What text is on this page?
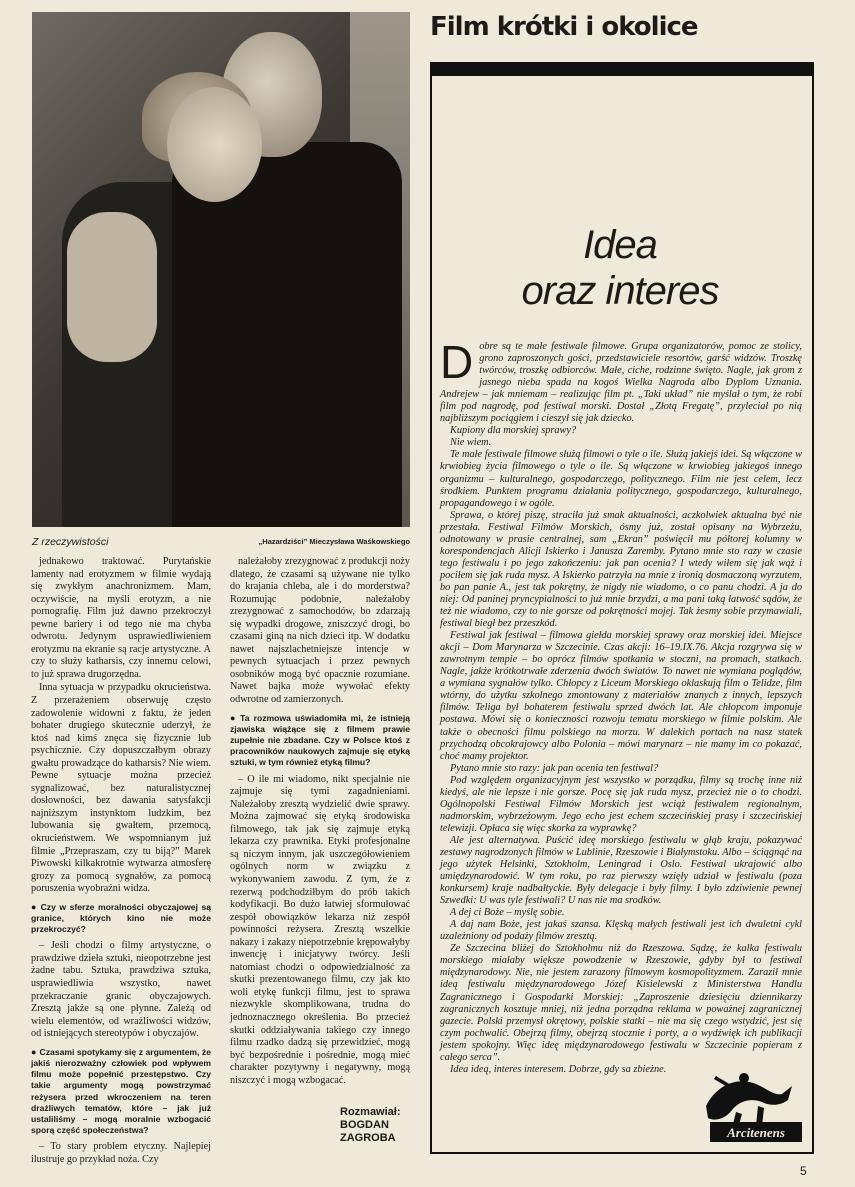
Z rzeczywistości	„Hazardziści” Mieczysława Waśkowskiego

jednakowo traktować. Purytańskie lamenty nad erotyzmem w filmie wydają się zwykłym anachronizmem. Mam, oczywiście, na myśli erotyzm, a nie pornografię. Film już dawno przekroczył pewne bariery i od tego nie ma chyba odwrotu. Jedynym usprawiedliwieniem erotyzmu na ekranie są racje artystyczne. A czy to służy katharsis, czy innemu celowi, to już sprawa drugorzędna.

Inna sytuacja w przypadku okrucieństwa. Z przerażeniem obserwuję często zadowolenie widowni z faktu, że jeden bohater drugiego skutecznie uderzył, że ktoś nad kimś znęca się fizycznie lub psychicznie. Czy dopuszczałbym obrazy gwałtu prowadzące do katharsis? Nie wiem. Pewne sytuacje można przecież sygnalizować, bez naturalistycznej dosłowności, bez dawania satysfakcji najniższym instynktom ludzkim, bez lubowania się gwałtem, przemocą, okrucieństwem. We wspomnianym już filmie „Przepraszam, czy tu biją?” Marek Piwowski kilkakrotnie wytwarza atmosferę grozy za pomocą sygnałów, za pomocą poruszenia wyobraźni widza.

● Czy w sferze moralności obyczajowej są granice, których kino nie może przekroczyć?

– Jeśli chodzi o filmy artystyczne, o prawdziwe dzieła sztuki, nieopotrzebne jest żadne tabu. Sztuka, prawdziwa sztuka, usprawiedliwia wszystko, nawet przekraczanie granic obyczajowych. Zresztą jakże są one płynne. Zależą od wielu elementów, od wrażliwości widzów, od istniejących stereotypów i obyczajów.

● Czasami spotykamy się z argumentem, że jakiś nierozważny człowiek pod wpływem filmu może popełnić przestępstwo. Czy takie argumenty mogą powstrzymać reżysera przed wkroczeniem na teren drażliwych tematów, które – jak już ustaliliśmy – mogą moralnie wzbogacić sporą część społeczeństwa?

– To stary problem etyczny. Najlepiej ilustruje go przykład noża. Czy

należałoby zrezygnować z produkcji noży dlatego, że czasami są używane nie tylko do krajania chleba, ale i do morderstwa? Rozumując podobnie, należałoby zrezygnować z samochodów, bo zdarzają się wypadki drogowe, zniszczyć drogi, bo czasami giną na nich dzieci itp. W dodatku nawet najszlachetniejsze intencje w pewnych sytuacjach i przez pewnych osobników mogą być opacznie rozumiane. Nawet bajka może wywołać efekty odwrotne od zamierzonych.

● Ta rozmowa uświadomiła mi, że istnieją zjawiska wiążące się z filmem prawie zupełnie nie zbadane. Czy w Polsce ktoś z pracowników naukowych zajmuje się etyką sztuki, w tym również etyką filmu?

– O ile mi wiadomo, nikt specjalnie nie zajmuje się tymi zagadnieniami. Należałoby zresztą wydzielić dwie sprawy. Można zajmować się etyką środowiska filmowego, tak jak się zajmuje etyką lekarza czy prawnika. Etyki profesjonalne są niczym innym, jak uszczegółowieniem ogólnych norm w związku z wykonywaniem zawodu. Z tym, że z rezerwą podchodziłbym do prób takich kodyfikacji. Bo dużo łatwiej sformułować zespół obowiązków lekarza niż zespół powinności reżysera. Zresztą wszelkie nakazy i zakazy niepotrzebnie krępowałyby inwencję i inicjatywy twórcy. Jeśli natomiast chodzi o odpowiedzialność za skutki prezentowanego filmu, czy jak kto woli etykę funkcji filmu, jest to sprawa niezwykle skomplikowana, trudna do jednoznacznego określenia. Bo przecież skutki oddziaływania takiego czy innego filmu rzadko dadzą się przewidzieć, mogą być bezpośrednie i pośrednie, mogą mieć charakter pozytywny i negatywny, mogą niszczyć i mogą wzbogacać.

Rozmawiał:
BOGDAN
ZAGROBA
Film krótki i okolice
Idea
oraz interes

Dobre są te małe festiwale filmowe. Grupa organizatorów, pomoc ze stolicy, grono zaproszonych gości, przedstawiciele resortów, garść widzów. Troszkę twórców, troszkę odbiorców. Małe, ciche, rodzinne święto. Nagle, jak grom z jasnego nieba spada na kogoś Wielka Nagroda albo Dyplom Uznania. Andrejew – jak mniemam – realizując film pt. „Taki układ” nie myślał o tym, że robi film pod nagrodę, pod festiwal morski. Dostał „Złotą Fregatę”, przyleciał po nią najbliższym pociągiem i cieszył się jak dziecko.

Kupiony dla morskiej sprawy?

Nie wiem.

Te małe festiwale filmowe służą filmowi o tyle o ile. Służą jakiejś idei. Są włączone w krwiobieg życia filmowego o tyle o ile. Są włączone w krwiobieg jakiegoś innego organizmu – kulturalnego, gospodarczego, politycznego. Film nie jest celem, lecz środkiem. Punktem programu działania politycznego, gospodarczego, kulturalnego, propagandowego i w ogóle.

Sprawa, o której piszę, straciła już smak aktualności, aczkolwiek aktualna być nie przestała. Festiwal Filmów Morskich, ósmy już, został opisany na Wybrzeżu, odnotowany w prasie centralnej, sam „Ekran” poświęcił mu półtorej kolumny w korespondencjach Alicji Iskierko i Janusza Zaremby. Pytano mnie sto razy w czasie tego festiwalu i po jego zakończeniu: jak pan ocenia? I wtedy wiłem się jak wąż i pociłem się jak ruda mysz. A Iskierko patrzyła na mnie z ironią dosmaczoną wyrzutem, bo pan panie A., jest tak pokrętny, że nigdy nie wiadomo, o co panu chodzi. A ja do niej: Od paninej pryncypialności to już mnie brzydzi, a ma pani taką łatwość sądów, że też nie wiadomo, czy to nie gorsze od pokrętności mojej. Tak żesmy sobie przymawiali, festiwal biegł bez przeszkód.

Festiwal jak festiwal – filmowa giełda morskiej sprawy oraz morskiej idei. Miejsce akcji – Dom Marynarza w Szczecinie. Czas akcji: 16–19.IX.76. Akcja rozgrywa się w zawrotnym tempie – bo oprócz filmów spotkania w stoczni, na promach, statkach. Nagle, jakże krótkotrwałe zderzenia dwóch światów. To nawet nie wymiana poglądów, a wymiana sygnałów tylko. Chłopcy z Liceum Morskiego oklaskują film o Telidze, film wtórny, do użytku szkolnego zmontowany z materiałów znanych z innych, lepszych filmów. Teliga był bohaterem festiwalu sprzed dwóch lat. Ale chłopcom imponuje postawa. Mówi się o konieczności rozwoju tematu morskiego w filmie polskim. Ale także o obecności filmu polskiego na morzu. W dalekich portach na nasz statek przychodzą obcokrajowcy albo Polonia – mówi marynarz – nie mamy im co pokazać, choć mamy projektor.

Pytano mnie sto razy: jak pan ocenia ten festiwal?

Pod względem organizacyjnym jest wszystko w porządku, filmy są trochę inne niż kiedyś, ale nie lepsze i nie gorsze. Pocę się jak ruda mysz, przecież nie o to chodzi. Ogólnopolski Festiwal Filmów Morskich jest wciąż festiwalem regionalnym, nadmorskim, wybrzeżowym. Jego echo jest echem szczecińskiej prasy i szczecińskiej telewizji. Opłaca się więc skorka za wyprawkę?

Ale jest alternatywa. Puścić ideę morskiego festiwalu w głąb kraju, pokazywać zestawy nagrodzonych filmów w Lublinie, Rzeszowie i Białymstoku. Albo – ściągnąć na jego użytek Helsinki, Sztokholm, Leningrad i Oslo. Festiwal ukrajowić albo umiędzynarodowić. W tym roku, po raz pierwszy wzięły udział w festiwalu (poza konkursem) kraje nadbałtyckie. Były delegacje i były filmy. I było zdziwienie pewnej Szwedki: U was tyle festiwali? U nas nie ma srodków.

A dej ci Boże – myślę sobie.

A daj nam Boże, jest jakaś szansa. Klęską małych festiwali jest ich dwuletni cykl uzależniony od podaży filmów zresztą.

Ze Szczecina bliżej do Sztokholmu niż do Rzeszowa. Sądzę, że kalka festiwalu morskiego miałaby większe powodzenie w Rzeszowie, gdyby był to festiwal międzynarodowy. Nie, nie jestem zarazony filmowym kosmopolityzmem. Zaraził mnie ideą festiwalu międzynarodowego Józef Kisielewski z Ministerstwa Handlu Zagranicznego i Gospodarki Morskiej: „Zaproszenie dziesięciu dziennikarzy zagranicznych kosztuje mniej, niż jedna porządna reklama w poważnej zagranicznej gazecie. Polski przemysł okrętowy, polskie statki – nie ma się czego wstydzić, jest się czym pochwalić. Obejrzą filmy, obejrzą stocznie i porty, a o wydźwięk ich publikacji jestem spokojny. Więc ideę międzynarodowego festiwalu w Szczecinie popieram z całego serca”.

Idea ideą, interes interesem. Dobrze, gdy sa zbieżne.

Arcitenens
5
